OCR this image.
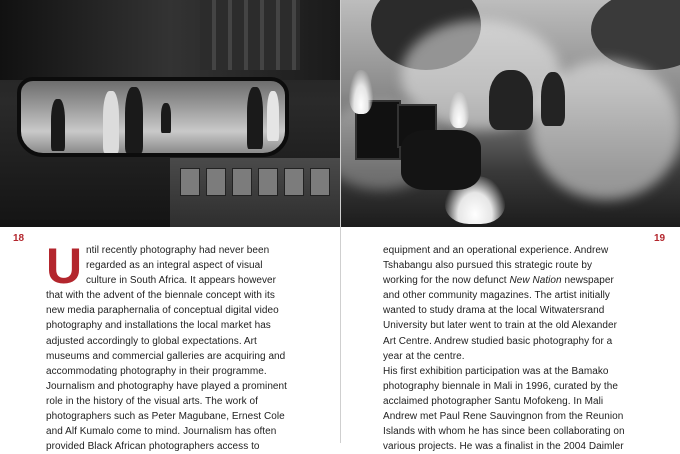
18	19
U ntil recently photography had never been
regarded as an integral aspect of visual
culture in South Africa. It appears however
that with the advent of the biennale concept with its
new media paraphernalia of conceptual digital video
photography and installations the local market has
adjusted accordingly to global expectations. Art
museums and commercial galleries are acquiring and
accommodating photography in their programme.
Journalism and photography have played a prominent
role in the history of the visual arts. The work of
photographers such as Peter Magubane, Ernest Cole
and Alf Kumalo come to mind. Journalism has often
provided Black African photographers access to
equipment and an operational experience. Andrew
Tshabangu also pursued this strategic route by
working for the now defunct New Nation newspaper
and other community magazines. The artist initially
wanted to study drama at the local Witwatersrand
University but later went to train at the old Alexander
Art Centre. Andrew studied basic photography for a
year at the centre.
His first exhibition participation was at the Bamako
photography biennale in Mali in 1996, curated by the
acclaimed photographer Santu Mofokeng. In Mali
Andrew met Paul Rene Sauvingnon from the Reunion
Islands with whom he has since been collaborating on
various projects. He was a finalist in the 2004 Daimler
